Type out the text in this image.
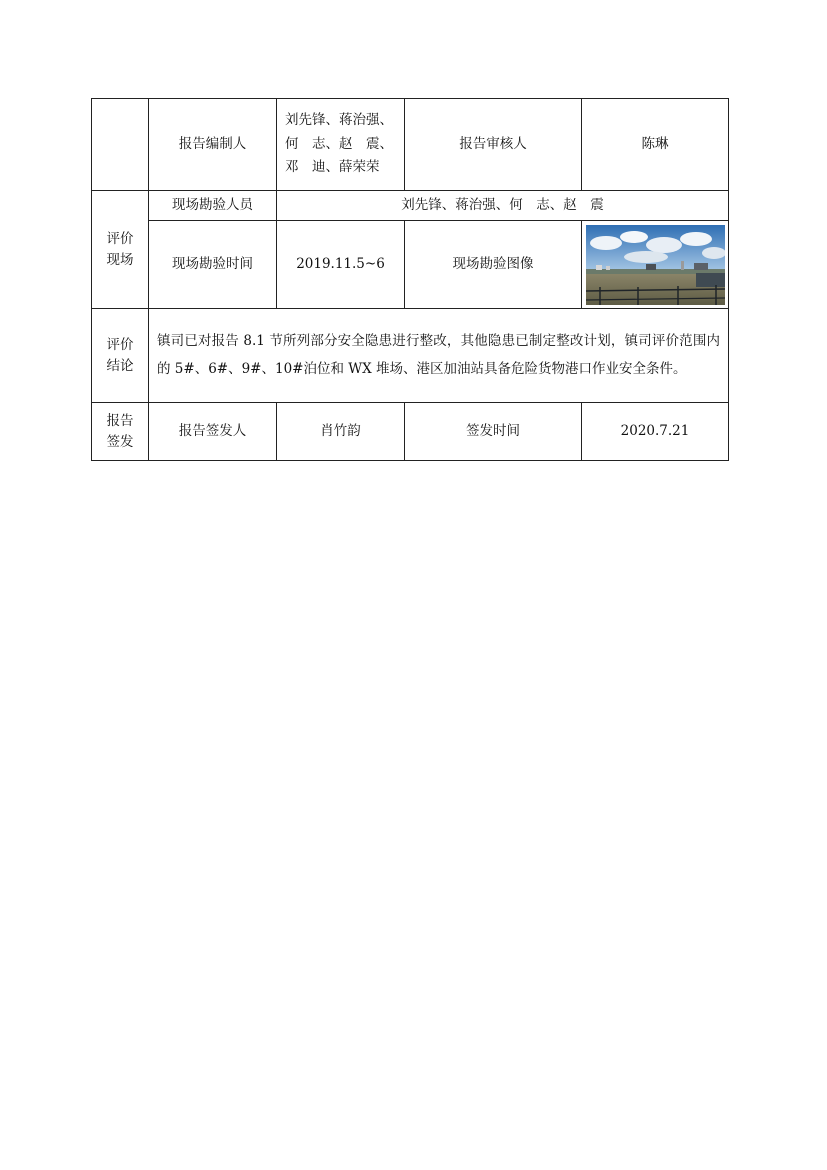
	报告编制人	刘先锋、蒋治强、
何　志、赵　震、
邓　迪、薛荣荣	报告审核人	陈琳

评价
现场	现场勘验人员	刘先锋、蒋治强、何　志、赵　震		
	现场勘验时间	2019.11.5~6	现场勘验图像	

评价
结论	镇司已对报告 8.1 节所列部分安全隐患进行整改，其他隐患已制定整改计划，镇司评价范围内的 5#、6#、9#、10#泊位和 WX 堆场、港区加油站具备危险货物港口作业安全条件。			

报告
签发	报告签发人	肖竹韵	签发时间	2020.7.21
